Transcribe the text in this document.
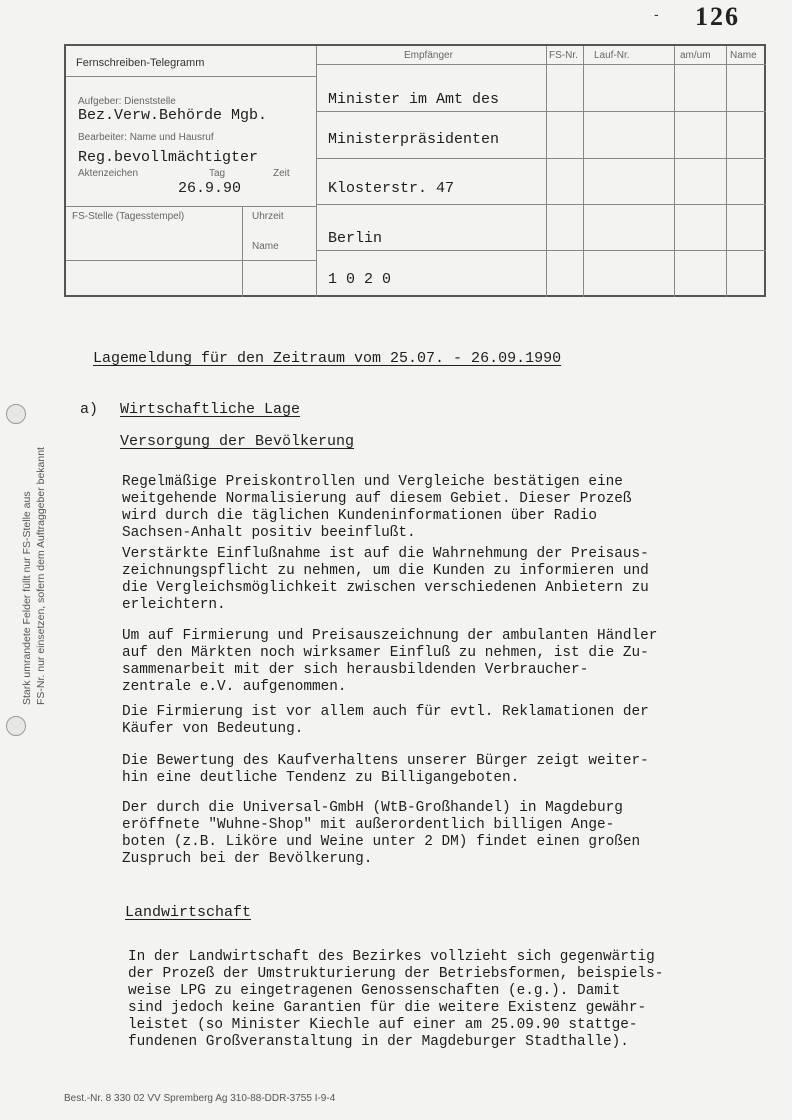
- 126
Fernschreiben-Telegramm
Empfänger	FS-Nr. Lauf-Nr.	am/um Name
Aufgeber: Dienststelle
Bez.Verw.Behörde Mgb.
Bearbeiter: Name und Hausruf
Reg.bevollmächtigter
Aktenzeichen	Tag	Zeit
26.9.90
FS-Stelle (Tagesstempel)	Uhrzeit
Name
Minister im Amt des
Ministerpräsidenten
Klosterstr. 47
Berlin
1 0 2 0
Stark umrandete Felder füllt nur FS-Stelle aus FS-Nr. nur einsetzen, sofern dem Auftraggeber bekannt
Lagemeldung für den Zeitraum vom 25.07. - 26.09.1990
a) Wirtschaftliche Lage
Versorgung der Bevölkerung
Regelmäßige Preiskontrollen und Vergleiche bestätigen eine
weitgehende Normalisierung auf diesem Gebiet. Dieser Prozeß
wird durch die täglichen Kundeninformationen über Radio
Sachsen-Anhalt positiv beeinflußt.
Verstärkte Einflußnahme ist auf die Wahrnehmung der Preisaus-
zeichnungspflicht zu nehmen, um die Kunden zu informieren und
die Vergleichsmöglichkeit zwischen verschiedenen Anbietern zu
erleichtern.
Um auf Firmierung und Preisauszeichnung der ambulanten Händler
auf den Märkten noch wirksamer Einfluß zu nehmen, ist die Zu-
sammenarbeit mit der sich herausbildenden Verbraucher-
zentrale e.V. aufgenommen.
Die Firmierung ist vor allem auch für evtl. Reklamationen der
Käufer von Bedeutung.
Die Bewertung des Kaufverhaltens unserer Bürger zeigt weiter-
hin eine deutliche Tendenz zu Billigangeboten.
Der durch die Universal-GmbH (WtB-Großhandel) in Magdeburg
eröffnete "Wuhne-Shop" mit außerordentlich billigen Ange-
boten (z.B. Liköre und Weine unter 2 DM) findet einen großen
Zuspruch bei der Bevölkerung.
Landwirtschaft
In der Landwirtschaft des Bezirkes vollzieht sich gegenwärtig
der Prozeß der Umstrukturierung der Betriebsformen, beispiels-
weise LPG zu eingetragenen Genossenschaften (e.g.). Damit
sind jedoch keine Garantien für die weitere Existenz gewähr-
leistet (so Minister Kiechle auf einer am 25.09.90 stattge-
fundenen Großveranstaltung in der Magdeburger Stadthalle).
Best.-Nr. 8 330 02 VV Spremberg Ag 310-88-DDR-3755 I-9-4
